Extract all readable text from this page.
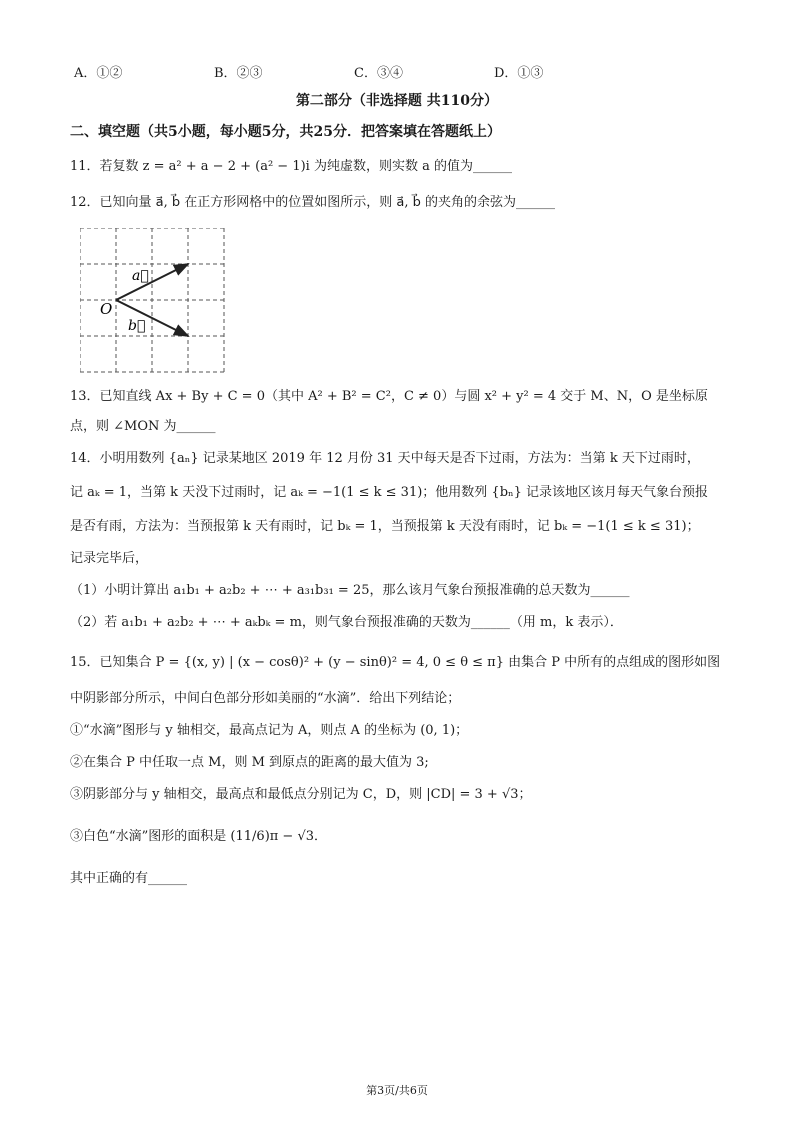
A．①②	B．②③	C．③④	D．①③
第二部分（非选择题 共110分）
二、填空题（共5小题，每小题5分，共25分．把答案填在答题纸上）
11．若复数 z = a² + a − 2 + (a² − 1)i 为纯虚数，则实数 a 的值为______
12．已知向量 a⃗, b⃗ 在正方形网格中的位置如图所示，则 a⃗, b⃗ 的夹角的余弦为______
a⃗
b⃗
O
13．已知直线 Ax + By + C = 0（其中 A² + B² = C²，C ≠ 0）与圆 x² + y² = 4 交于 M、N，O 是坐标原
点，则 ∠MON 为______
14．小明用数列 {aₙ} 记录某地区 2019 年 12 月份 31 天中每天是否下过雨，方法为：当第 k 天下过雨时，
记 aₖ = 1，当第 k 天没下过雨时，记 aₖ = −1(1 ≤ k ≤ 31)；他用数列 {bₙ} 记录该地区该月每天气象台预报
是否有雨，方法为：当预报第 k 天有雨时，记 bₖ = 1，当预报第 k 天没有雨时，记 bₖ = −1(1 ≤ k ≤ 31)；
记录完毕后，
（1）小明计算出 a₁b₁ + a₂b₂ + ⋯ + a₃₁b₃₁ = 25，那么该月气象台预报准确的总天数为______
（2）若 a₁b₁ + a₂b₂ + ⋯ + aₖbₖ = m，则气象台预报准确的天数为______（用 m，k 表示）．
15．已知集合 P = {(x, y) | (x − cosθ)² + (y − sinθ)² = 4, 0 ≤ θ ≤ π} 由集合 P 中所有的点组成的图形如图
中阴影部分所示，中间白色部分形如美丽的“水滴”．给出下列结论；
①“水滴”图形与 y 轴相交，最高点记为 A，则点 A 的坐标为 (0, 1)；
②在集合 P 中任取一点 M，则 M 到原点的距离的最大值为 3;
③阴影部分与 y 轴相交，最高点和最低点分别记为 C，D，则 |CD| = 3 + √3；
③白色“水滴”图形的面积是 (11/6)π − √3．
其中正确的有______
第3页/共6页
